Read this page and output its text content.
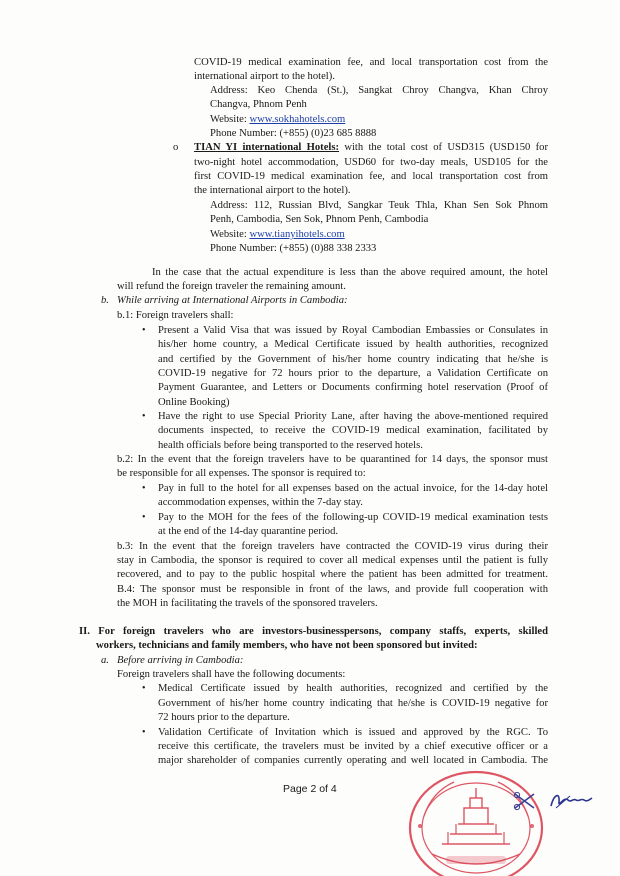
COVID-19 medical examination fee, and local transportation cost from the
international airport to the hotel).
Address: Keo Chenda (St.), Sangkat Chroy Changva, Khan Chroy
Changva, Phnom Penh
Website: www.sokhahotels.com
Phone Number: (+855) (0)23 685 8888
o TIAN YI international Hotels: with the total cost of USD315 (USD150 for
two-night hotel accommodation, USD60 for two-day meals, USD105 for the
first COVID-19 medical examination fee, and local transportation cost from
the international airport to the hotel).
Address: 112, Russian Blvd, Sangkar Teuk Thla, Khan Sen Sok Phnom
Penh, Cambodia, Sen Sok, Phnom Penh, Cambodia
Website: www.tianyihotels.com
Phone Number: (+855) (0)88 338 2333
In the case that the actual expenditure is less than the above required amount, the hotel
will refund the foreign traveler the remaining amount.
b. While arriving at International Airports in Cambodia:
b.1: Foreign travelers shall:
• Present a Valid Visa that was issued by Royal Cambodian Embassies or Consulates in
his/her home country, a Medical Certificate issued by health authorities, recognized
and certified by the Government of his/her home country indicating that he/she is
COVID-19 negative for 72 hours prior to the departure, a Validation Certificate on
Payment Guarantee, and Letters or Documents confirming hotel reservation (Proof of
Online Booking)
• Have the right to use Special Priority Lane, after having the above-mentioned required
documents inspected, to receive the COVID-19 medical examination, facilitated by
health officials before being transported to the reserved hotels.
b.2: In the event that the foreign travelers have to be quarantined for 14 days, the sponsor must
be responsible for all expenses. The sponsor is required to:
• Pay in full to the hotel for all expenses based on the actual invoice, for the 14-day hotel
accommodation expenses, within the 7-day stay.
• Pay to the MOH for the fees of the following-up COVID-19 medical examination tests
at the end of the 14-day quarantine period.
b.3: In the event that the foreign travelers have contracted the COVID-19 virus during their
stay in Cambodia, the sponsor is required to cover all medical expenses until the patient is fully
recovered, and to pay to the public hospital where the patient has been admitted for treatment.
B.4: The sponsor must be responsible in front of the laws, and provide full cooperation with
the MOH in facilitating the travels of the sponsored travelers.
II. For foreign travelers who are investors-businesspersons, company staffs, experts, skilled
workers, technicians and family members, who have not been sponsored but invited:
a. Before arriving in Cambodia:
Foreign travelers shall have the following documents:
• Medical Certificate issued by health authorities, recognized and certified by the
Government of his/her home country indicating that he/she is COVID-19 negative for
72 hours prior to the departure.
• Validation Certificate of Invitation which is issued and approved by the RGC. To
receive this certificate, the travelers must be invited by a chief executive officer or a
major shareholder of companies currently operating and well located in Cambodia. The
Page 2 of 4
